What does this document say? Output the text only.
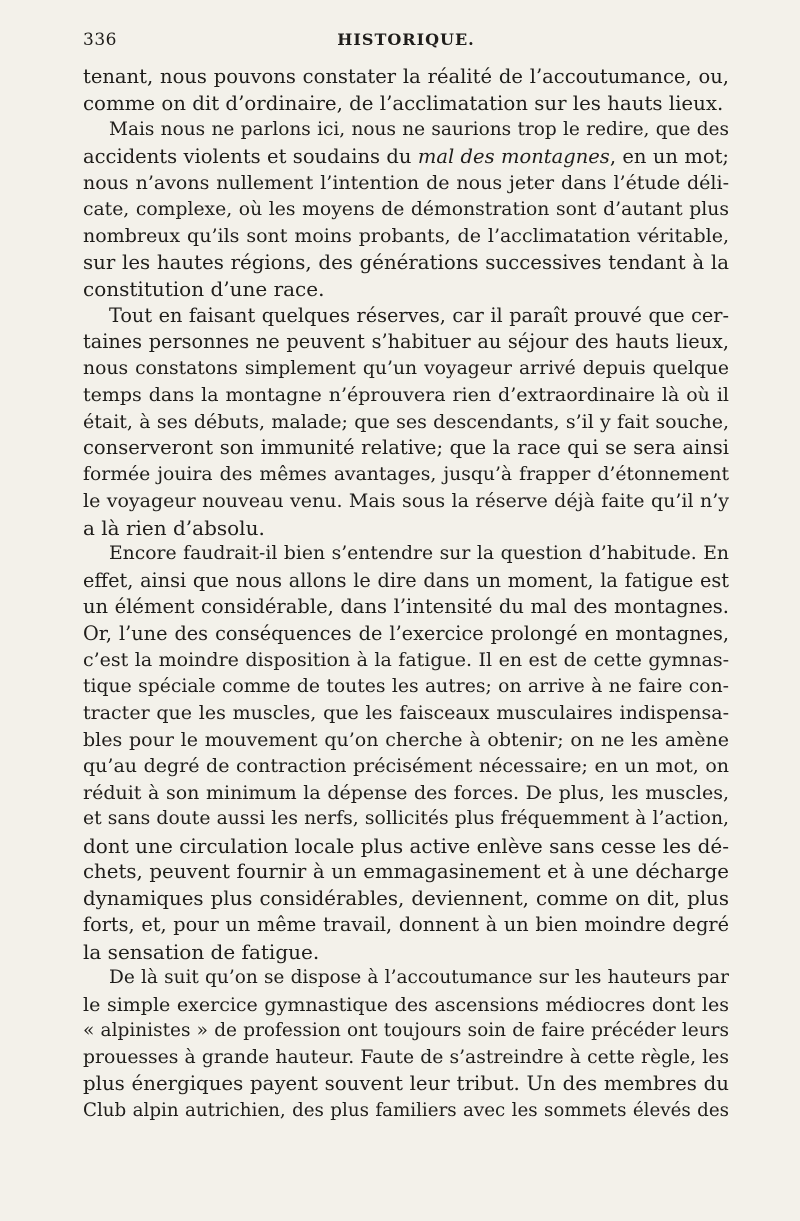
336	HISTORIQUE.
tenant, nous pouvons constater la réalité de l’accoutumance, ou,
comme on dit d’ordinaire, de l’acclimatation sur les hauts lieux.
Mais nous ne parlons ici, nous ne saurions trop le redire, que des
accidents violents et soudains du mal des montagnes, en un mot;
nous n’avons nullement l’intention de nous jeter dans l’étude déli-
cate, complexe, où les moyens de démonstration sont d’autant plus
nombreux qu’ils sont moins probants, de l’acclimatation véritable,
sur les hautes régions, des générations successives tendant à la
constitution d’une race.
Tout en faisant quelques réserves, car il paraît prouvé que cer-
taines personnes ne peuvent s’habituer au séjour des hauts lieux,
nous constatons simplement qu’un voyageur arrivé depuis quelque
temps dans la montagne n’éprouvera rien d’extraordinaire là où il
était, à ses débuts, malade; que ses descendants, s’il y fait souche,
conserveront son immunité relative; que la race qui se sera ainsi
formée jouira des mêmes avantages, jusqu’à frapper d’étonnement
le voyageur nouveau venu. Mais sous la réserve déjà faite qu’il n’y
a là rien d’absolu.
Encore faudrait-il bien s’entendre sur la question d’habitude. En
effet, ainsi que nous allons le dire dans un moment, la fatigue est
un élément considérable, dans l’intensité du mal des montagnes.
Or, l’une des conséquences de l’exercice prolongé en montagnes,
c’est la moindre disposition à la fatigue. Il en est de cette gymnas-
tique spéciale comme de toutes les autres; on arrive à ne faire con-
tracter que les muscles, que les faisceaux musculaires indispensa-
bles pour le mouvement qu’on cherche à obtenir; on ne les amène
qu’au degré de contraction précisément nécessaire; en un mot, on
réduit à son minimum la dépense des forces. De plus, les muscles,
et sans doute aussi les nerfs, sollicités plus fréquemment à l’action,
dont une circulation locale plus active enlève sans cesse les dé-
chets, peuvent fournir à un emmagasinement et à une décharge
dynamiques plus considérables, deviennent, comme on dit, plus
forts, et, pour un même travail, donnent à un bien moindre degré
la sensation de fatigue.
De là suit qu’on se dispose à l’accoutumance sur les hauteurs par
le simple exercice gymnastique des ascensions médiocres dont les
« alpinistes » de profession ont toujours soin de faire précéder leurs
prouesses à grande hauteur. Faute de s’astreindre à cette règle, les
plus énergiques payent souvent leur tribut. Un des membres du
Club alpin autrichien, des plus familiers avec les sommets élevés des
